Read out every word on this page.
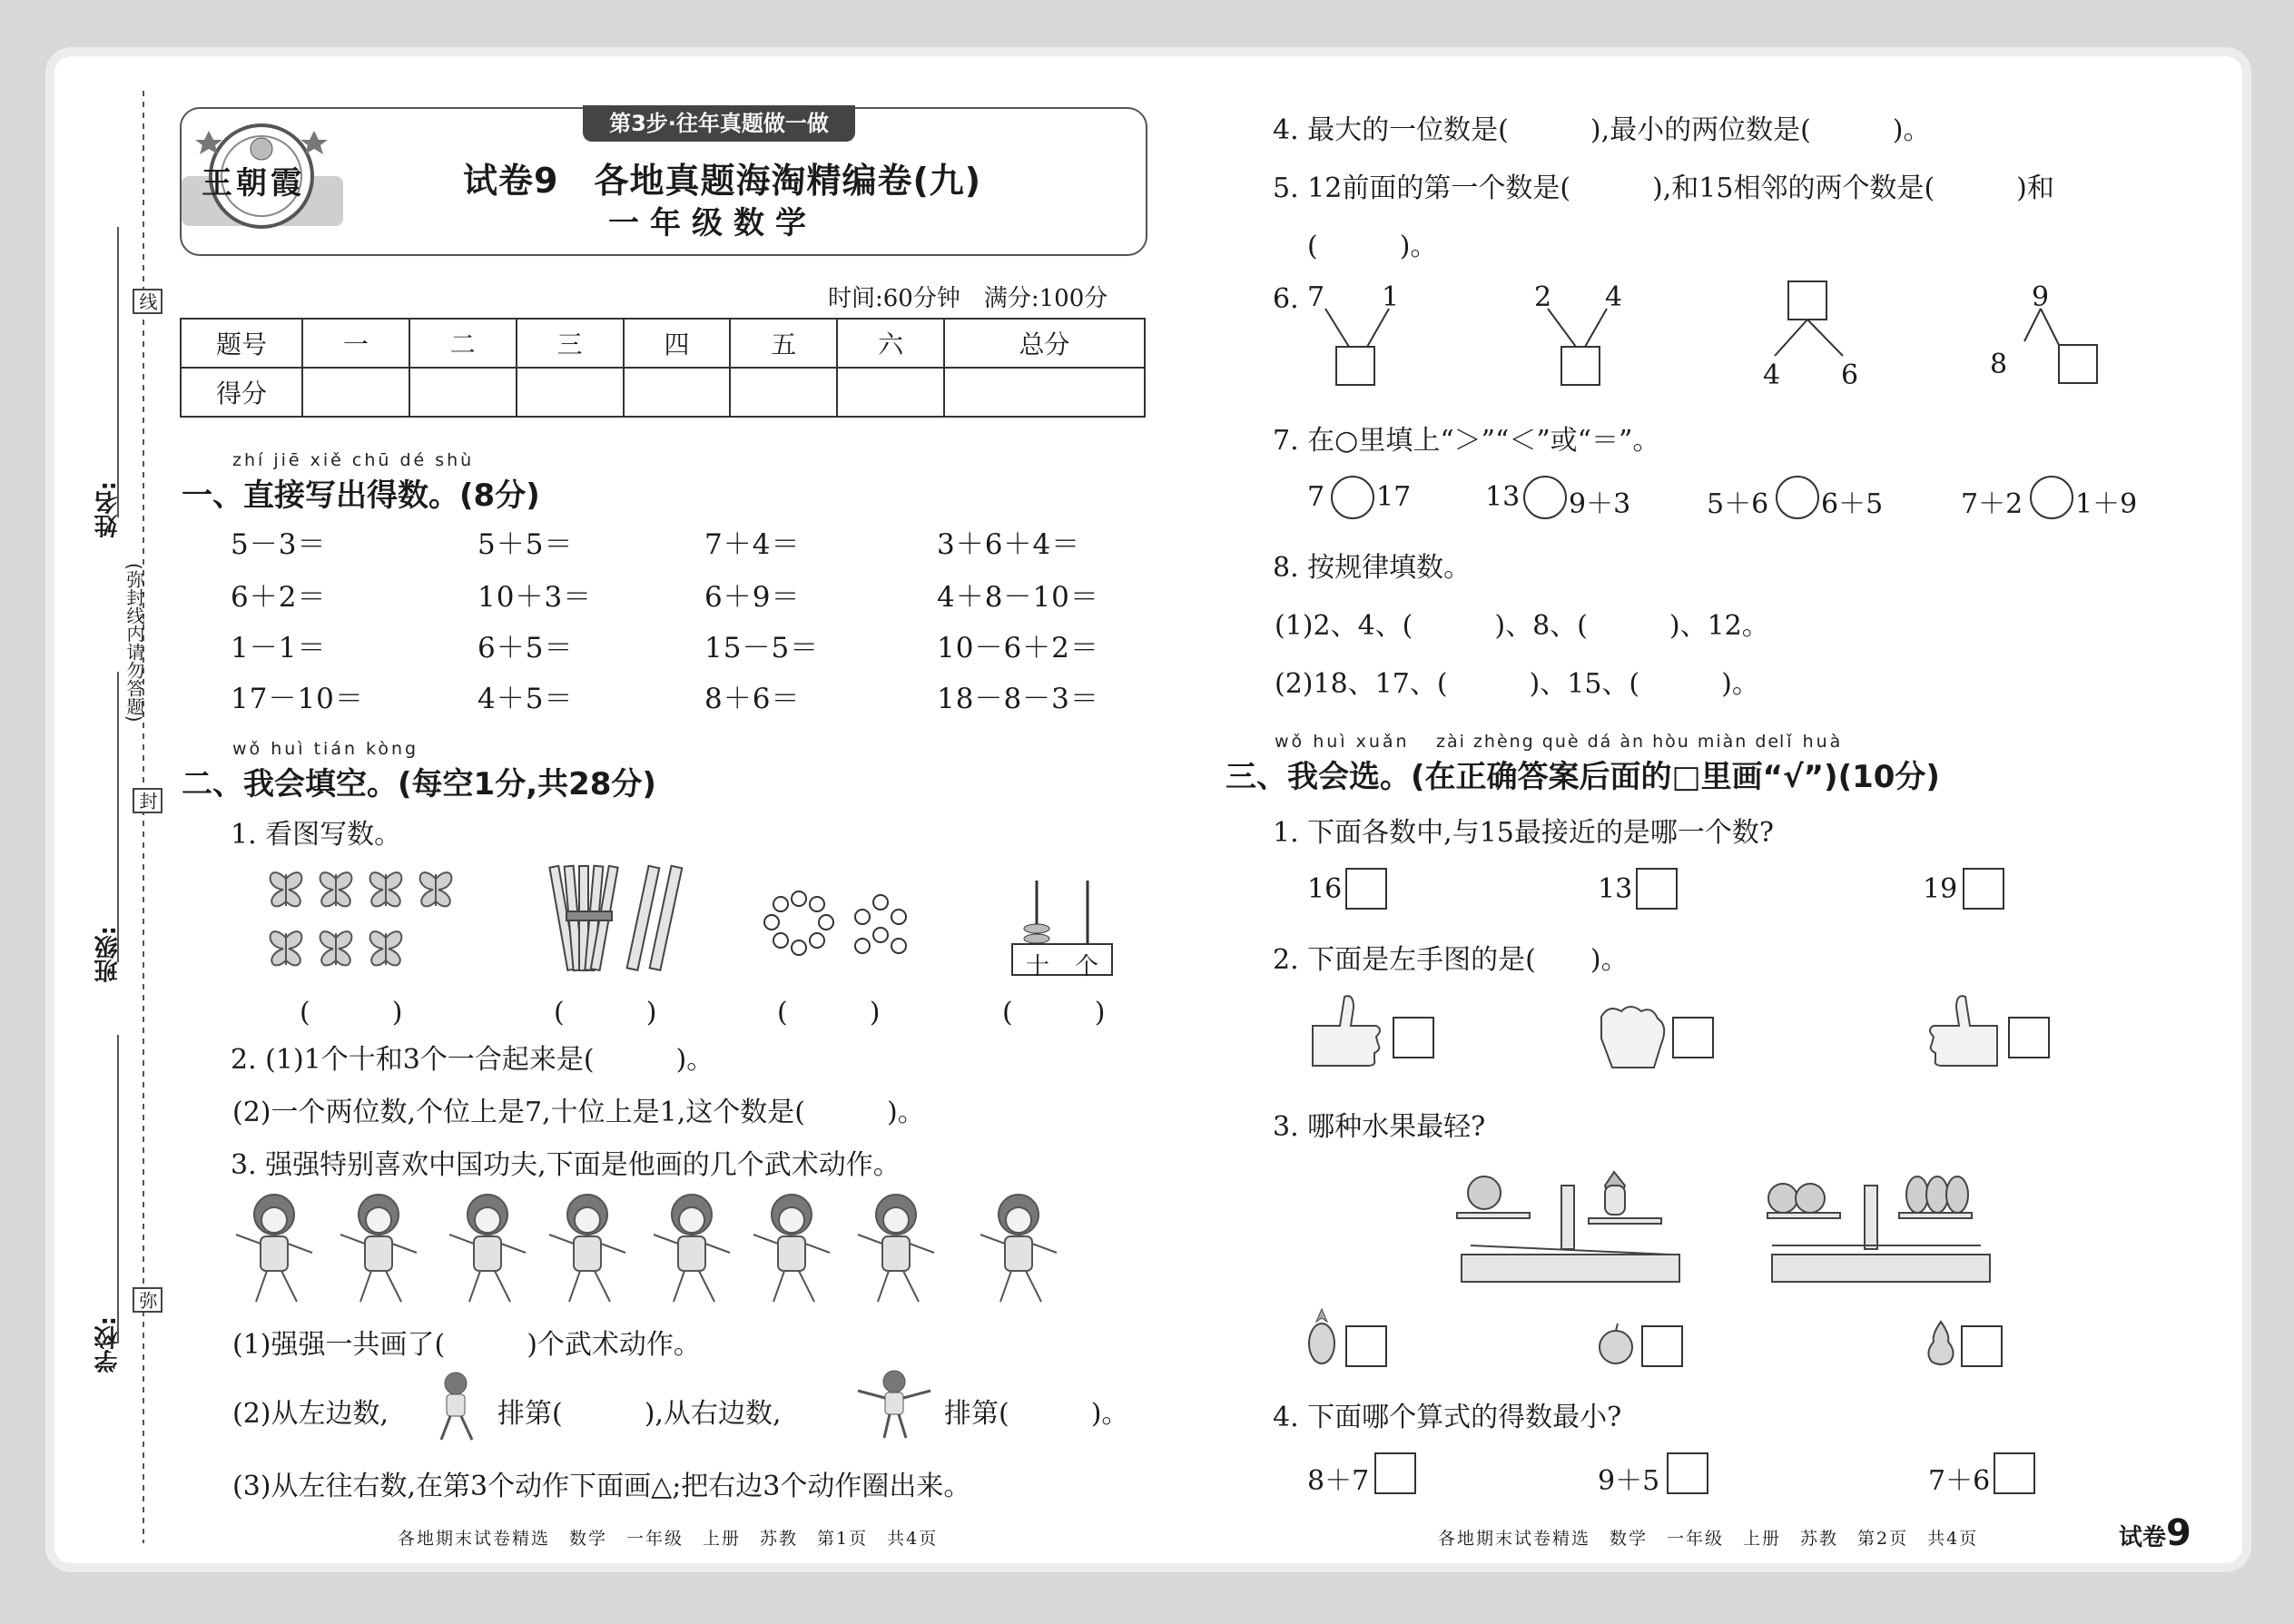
姓名:
班级:
学校:
(弥封线内请勿答题)
线
封
弥
第3步·往年真题做一做
王朝霞	试卷9　各地真题海淘精编卷(九)
一年级数学
时间:60分钟　满分:100分
题号	一	二	三	四	五	六	总分
得分							
zhí jiē xiě chū dé shù
一、直接写出得数。(8分)
5－3＝	5＋5＝	7＋4＝	3＋6＋4＝
6＋2＝	10＋3＝	6＋9＝	4＋8－10＝
1－1＝	6＋5＝	15－5＝	10－6＋2＝
17－10＝	4＋5＝	8＋6＝	18－8－3＝
wǒ huì tián kòng
二、我会填空。(每空1分,共28分)
1. 看图写数。
十 个
(　　　)	(　　　)	(　　　)	(　　　)
2. (1)1个十和3个一合起来是(　　　)。
(2)一个两位数,个位上是7,十位上是1,这个数是(　　　)。
3. 强强特别喜欢中国功夫,下面是他画的几个武术动作。
(1)强强一共画了(　　　)个武术动作。
(2)从左边数,	排第(　　　),从右边数,	排第(　　　)。
(3)从左往右数,在第3个动作下面画△;把右边3个动作圈出来。
4. 最大的一位数是(　　　),最小的两位数是(　　　)。
5. 12前面的第一个数是(　　　),和15相邻的两个数是(　　　)和
(　　　)。
6. 7 1	2 4
4 6
9
8
7. 在○里填上“＞”“＜”或“＝”。
7 17	13 9＋3	5＋6 6＋5	7＋2 1＋9
8. 按规律填数。
(1)2、4、(　　　)、8、(　　　)、12。
(2)18、17、(　　　)、15、(　　　)。
wǒ huì xuǎn zài zhèng què dá àn hòu miàn de
lǐ huà
三、我会选。(在正确答案后面的□里画“√”)(10分)
1. 下面各数中,与15最接近的是哪一个数?
16	13	19
2. 下面是左手图的是(　　)。
3. 哪种水果最轻?
4. 下面哪个算式的得数最小?
8＋7	9＋5	7＋6
各地期末试卷精选　数学　一年级　上册　苏教　第1页　共4页	各地期末试卷精选　数学　一年级　上册　苏教　第2页　共4页	试卷9
